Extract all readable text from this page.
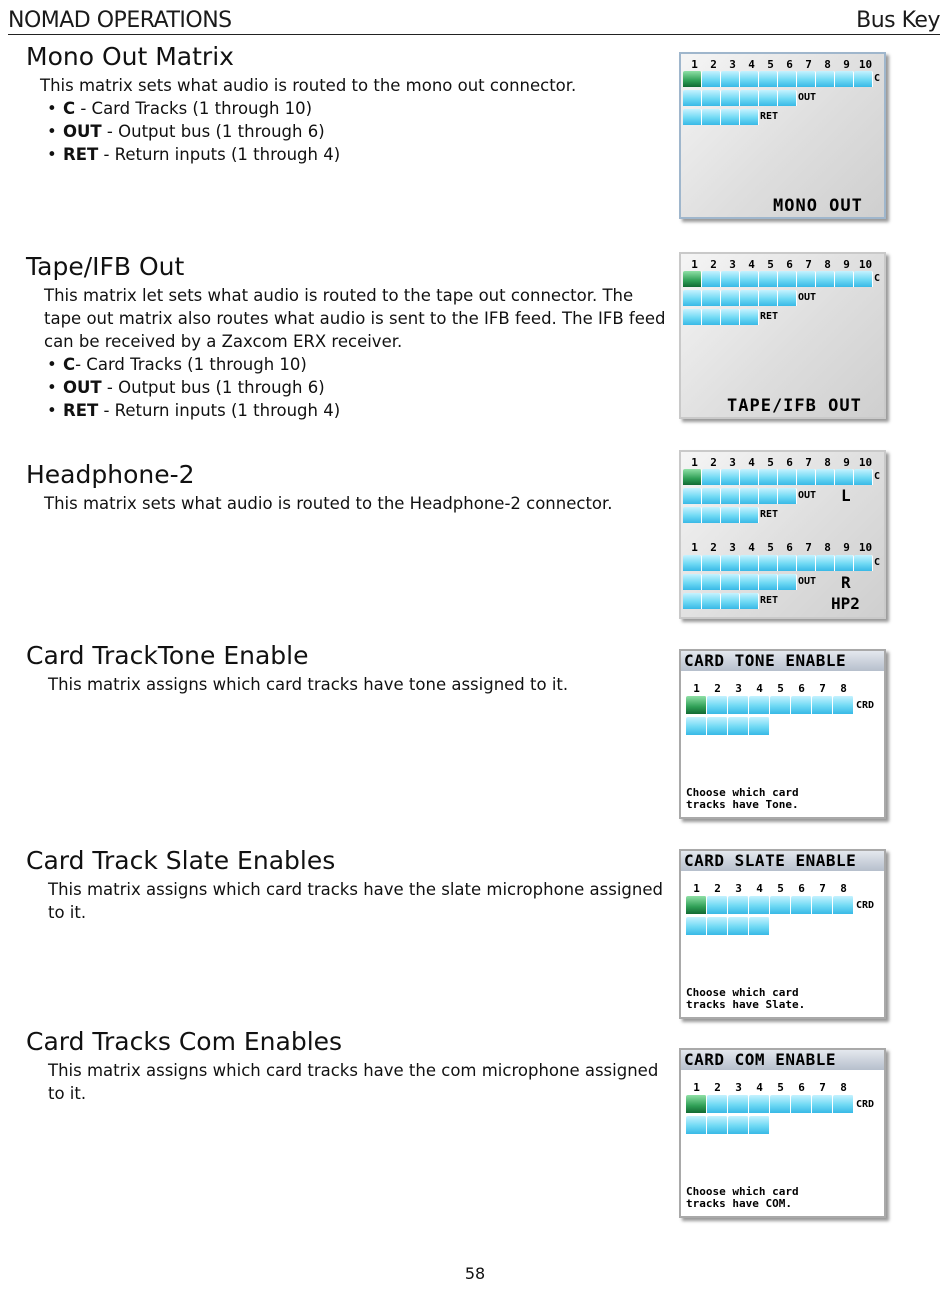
NOMAD OPERATIONS	Bus Key
Mono Out Matrix
This matrix sets what audio is routed to the mono out connector.
• C - Card Tracks (1 through 10)
• OUT - Output bus (1 through 6)
• RET - Return inputs (1 through 4)
1	2	3	4	5	6	7	8	9 10
C
OUT
RET
MONO OUT
Tape/IFB Out
This matrix let sets what audio is routed to the tape out connector. The tape out matrix also routes what audio is sent to the IFB feed. The IFB feed can be received by a Zaxcom ERX receiver.
• C- Card Tracks (1 through 10)
• OUT - Output bus (1 through 6)
• RET - Return inputs (1 through 4)
1	2	3	4	5	6	7	8	9 10
C
OUT
RET
TAPE/IFB OUT
Headphone-2
This matrix sets what audio is routed to the Headphone-2 connector.
1	2	3	4	5	6	7	8	9 10
C
OUT L
RET
1	2	3	4	5	6	7	8	9 10
C
OUT R
RET	HP2
Card TrackTone Enable
This matrix assigns which card tracks have tone assigned to it.
CARD TONE ENABLE
1	2	3	4	5	6	7	8
CRD
Choose which card
tracks have Tone.
Card Track Slate Enables
This matrix assigns which card tracks have the slate microphone assigned to it.
CARD SLATE ENABLE
1	2	3	4	5	6	7	8
CRD
Choose which card
tracks have Slate.
Card Tracks Com Enables
This matrix assigns which card tracks have the com microphone assigned to it.
CARD COM ENABLE
1	2	3	4	5	6	7	8
CRD
Choose which card
tracks have COM.
58
